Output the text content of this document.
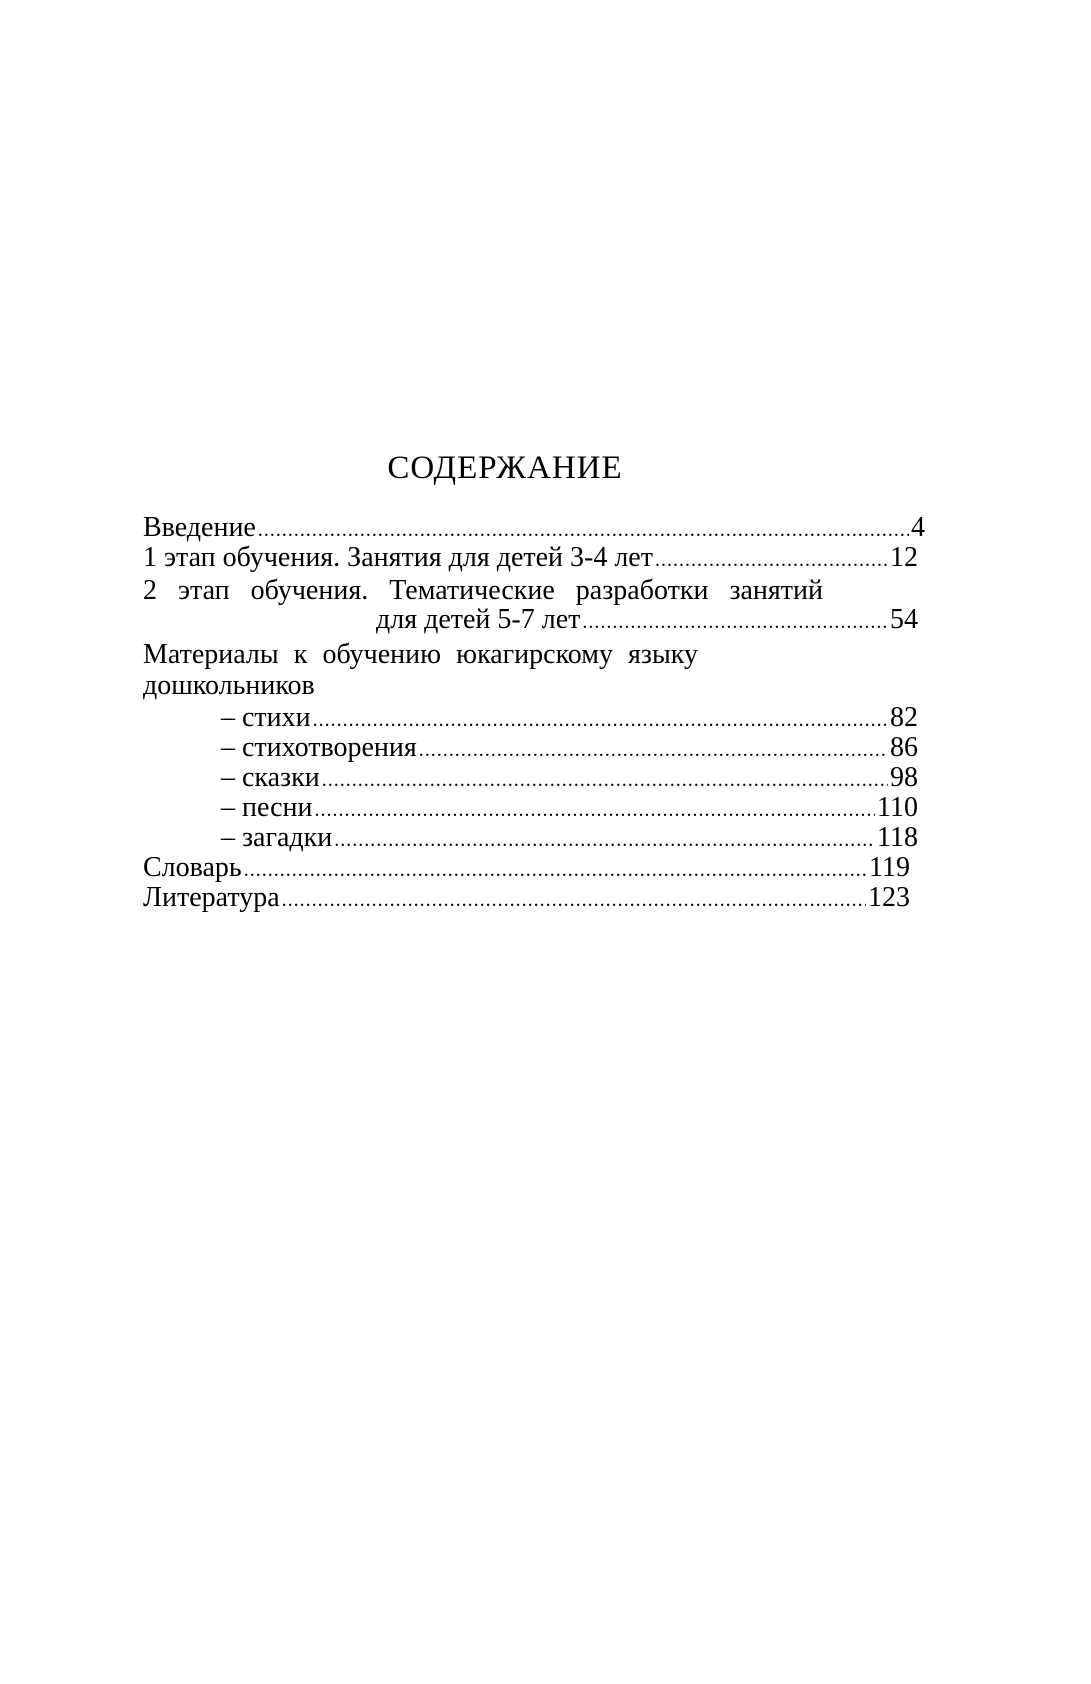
СОДЕРЖАНИЕ
Введение .....	4
1 этап обучения. Занятия для детей 3-4 лет .....	12
2 этап обучения. Тематические разработки занятий
для детей 5-7 лет .....	54
Материалы к обучению юкагирскому языку
дошкольников
– стихи .....	82
– стихотворения .....	86
– сказки .....	98
– песни .....	110
– загадки .....	118
Словарь .....	119
Литература .....	123
